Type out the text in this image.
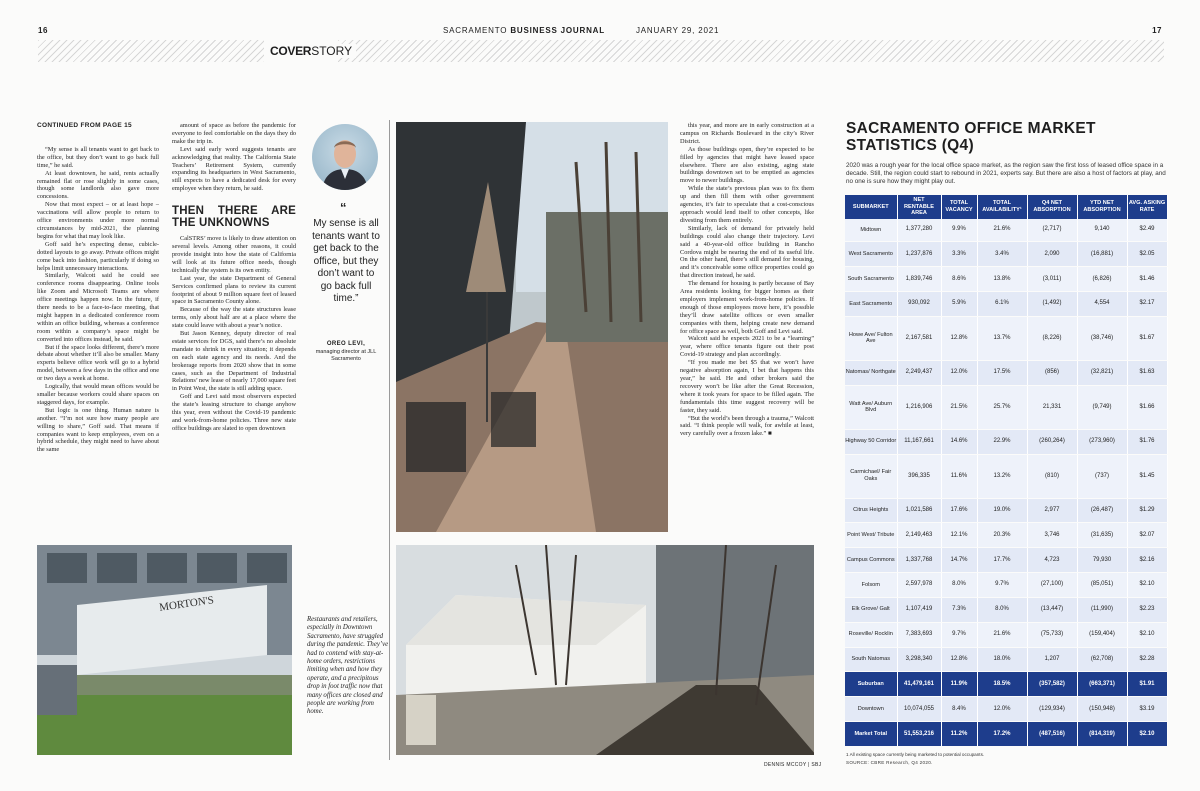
16	SACRAMENTO BUSINESS JOURNAL	JANUARY 29, 2021	17
COVERSTORY
CONTINUED FROM PAGE 15

“My sense is all tenants want to get back to the office, but they don’t want to go back full time,” he said.

At least downtown, he said, rents actually remained flat or rose slightly in some cases, though some landlords also gave more concessions.

Now that most expect – or at least hope – vaccinations will allow people to return to office environments under more normal circumstances by mid-2021, the planning begins for what that may look like.

Goff said he’s expecting dense, cubicle-dotted layouts to go away. Private offices might come back into fashion, particularly if doing so helps limit unnecessary interactions.

Similarly, Walcott said he could see conference rooms disappearing. Online tools like Zoom and Microsoft Teams are where office meetings happen now. In the future, if there needs to be a face-to-face meeting, that might happen in a dedicated conference room within an office building, whereas a conference room within a company’s space might be converted into offices instead, he said.

But if the space looks different, there’s more debate about whether it’ll also be smaller. Many experts believe office work will go to a hybrid model, between a few days in the office and one or two days a week at home.

Logically, that would mean offices would be smaller because workers could share spaces on staggered days, for example.

But logic is one thing. Human nature is another. “I’m not sure how many people are willing to share,” Goff said. That means if companies want to keep employees, even on a hybrid schedule, they might need to have about the same

amount of space as before the pandemic for everyone to feel comfortable on the days they do make the trip in.

Levi said early word suggests tenants are acknowledging that reality. The California State Teachers’ Retirement System, currently expanding its headquarters in West Sacramento, still expects to have a dedicated desk for every employee when they return, he said.

THEN THERE ARE THE UNKNOWNS

CalSTRS’ move is likely to draw attention on several levels. Among other reasons, it could provide insight into how the state of California will look at its future office needs, though technically the system is its own entity.

Last year, the state Department of General Services confirmed plans to review its current footprint of about 9 million square feet of leased space in Sacramento County alone.

Because of the way the state structures lease terms, only about half are at a place where the state could leave with about a year’s notice.

But Jason Kenney, deputy director of real estate services for DGS, said there’s no absolute mandate to shrink in every situation; it depends on each state agency and its needs. And the brokerage reports from 2020 show that in some cases, such as the Department of Industrial Relations’ new lease of nearly 17,000 square feet in Point West, the state is still adding space.

Goff and Levi said most observers expected the state’s leasing structure to change anyhow this year, even without the Covid-19 pandemic and work-from-home policies. Three new state office buildings are slated to open downtown

“
My sense is all tenants want to get back to the office, but they don’t want to go back full time.”
OREO LEVI,
managing director at JLL Sacramento
MORTON'S
Restaurants and retailers, especially in Downtown Sacramento, have struggled during the pandemic. They’ve had to contend with stay-at-home orders, restrictions limiting when and how they operate, and a precipitous drop in foot traffic now that many offices are closed and people are working from home.
DENNIS MCCOY | SBJ

this year, and more are in early construction at a campus on Richards Boulevard in the city’s River District.

As those buildings open, they’re expected to be filled by agencies that might have leased space elsewhere. There are also existing, aging state buildings downtown set to be emptied as agencies move to newer buildings.

While the state’s previous plan was to fix them up and then fill them with other government agencies, it’s fair to speculate that a cost-conscious approach would lend itself to other concepts, like divesting from them entirely.

Similarly, lack of demand for privately held buildings could also change their trajectory. Levi said a 40-year-old office building in Rancho Cordova might be nearing the end of its useful life. On the other hand, there’s still demand for housing, and it’s conceivable some office properties could go that direction instead, he said.

The demand for housing is partly because of Bay Area residents looking for bigger homes as their employers implement work-from-home policies. If enough of those employees move here, it’s possible they’ll draw satellite offices or even smaller companies with them, helping create new demand for office space as well, both Goff and Levi said.

Walcott said he expects 2021 to be a “learning” year, where office tenants figure out their post Covid-19 strategy and plan accordingly.

“If you made me bet $5 that we won’t have negative absorption again, I bet that happens this year,” he said. He and other brokers said the recovery won’t be like after the Great Recession, where it took years for space to be filled again. The fundamentals this time suggest recovery will be faster, they said.

“But the world’s been through a trauma,” Walcott said. “I think people will walk, for awhile at least, very carefully over a frozen lake.” ■

SACRAMENTO OFFICE MARKET STATISTICS (Q4)
2020 was a rough year for the local office space market, as the region saw the first loss of leased office space in a decade. Still, the region could start to rebound in 2021, experts say. But there are also a host of factors at play, and no one is sure how they might play out.
SUBMARKET	NET RENTABLE AREA	TOTAL VACANCY	TOTAL AVAILABILITY¹	Q4 NET ABSORPTION	YTD NET ABSORPTION	AVG. ASKING RATE
Midtown	1,377,280	9.9%	21.6%	(2,717)	9,140	$2.49
West Sacramento	1,237,876	3.3%	3.4%	2,090	(16,881)	$2.05
South Sacramento	1,839,746	8.6%	13.8%	(3,011)	(6,826)	$1.46
East Sacramento	930,092	5.9%	6.1%	(1,492)	4,554	$2.17
Howe Ave/ Fulton Ave	2,167,581	12.8%	13.7%	(8,226)	(38,746)	$1.67
Natomas/ Northgate	2,249,437	12.0%	17.5%	(856)	(32,821)	$1.63
Watt Ave/ Auburn Blvd	1,216,906	21.5%	25.7%	21,331	(9,749)	$1.66
Highway 50 Corridor	11,167,661	14.6%	22.9%	(260,264)	(273,960)	$1.76
Carmichael/ Fair Oaks	396,335	11.6%	13.2%	(810)	(737)	$1.45
Citrus Heights	1,021,586	17.6%	19.0%	2,977	(26,487)	$1.29
Point West/ Tribute	2,149,463	12.1%	20.3%	3,746	(31,635)	$2.07
Campus Commons	1,337,768	14.7%	17.7%	4,723	79,930	$2.16
Folsom	2,597,978	8.0%	9.7%	(27,100)	(85,051)	$2.10
Elk Grove/ Galt	1,107,419	7.3%	8.0%	(13,447)	(11,990)	$2.23
Roseville/ Rocklin	7,383,693	9.7%	21.6%	(75,733)	(159,404)	$2.10
South Natomas	3,298,340	12.8%	18.0%	1,207	(62,708)	$2.28
Suburban	41,479,161	11.9%	18.5%	(357,582)	(663,371)	$1.91
Downtown	10,074,055	8.4%	12.0%	(129,934)	(150,948)	$3.19
Market Total	51,553,216	11.2%	17.2%	(487,516)	(814,319)	$2.10
1 All existing space currently being marketed to potential occupants.
SOURCE: CBRE Research, Q4 2020.
